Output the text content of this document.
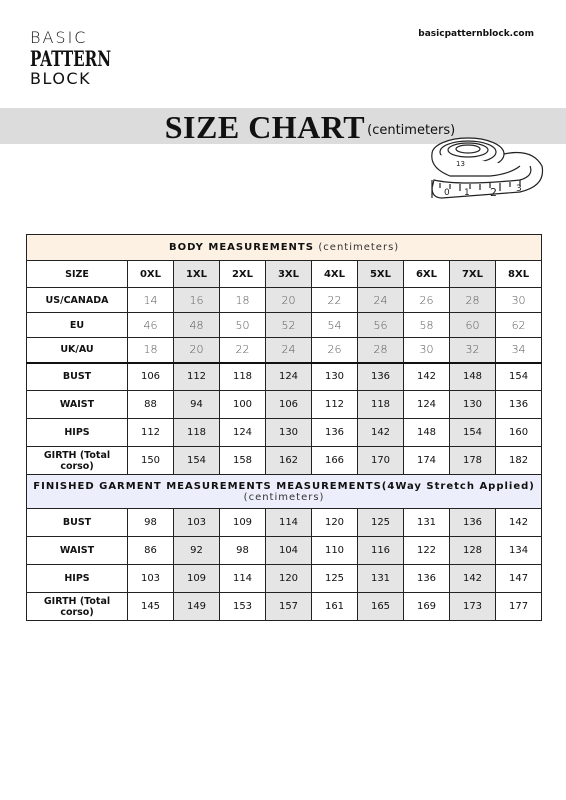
BASIC
PATTERN
BLOCK
basicpatternblock.com
SIZE CHART (centimeters)
0 1 2 3
13
BODY MEASUREMENTS (centimeters)									
SIZE	0XL	1XL	2XL	3XL	4XL	5XL	6XL	7XL	8XL
US/CANADA	14	16	18	20	22	24	26	28	30
EU	46	48	50	52	54	56	58	60	62
UK/AU	18	20	22	24	26	28	30	32	34
BUST	106	112	118	124	130	136	142	148	154
WAIST	88	94	100	106	112	118	124	130	136
HIPS	112	118	124	130	136	142	148	154	160
GIRTH (Total corso)	150	154	158	162	166	170	174	178	182
FINISHED GARMENT MEASUREMENTS MEASUREMENTS(4Way Stretch Applied) (centimeters)									
BUST	98	103	109	114	120	125	131	136	142
WAIST	86	92	98	104	110	116	122	128	134
HIPS	103	109	114	120	125	131	136	142	147
GIRTH (Total corso)	145	149	153	157	161	165	169	173	177
